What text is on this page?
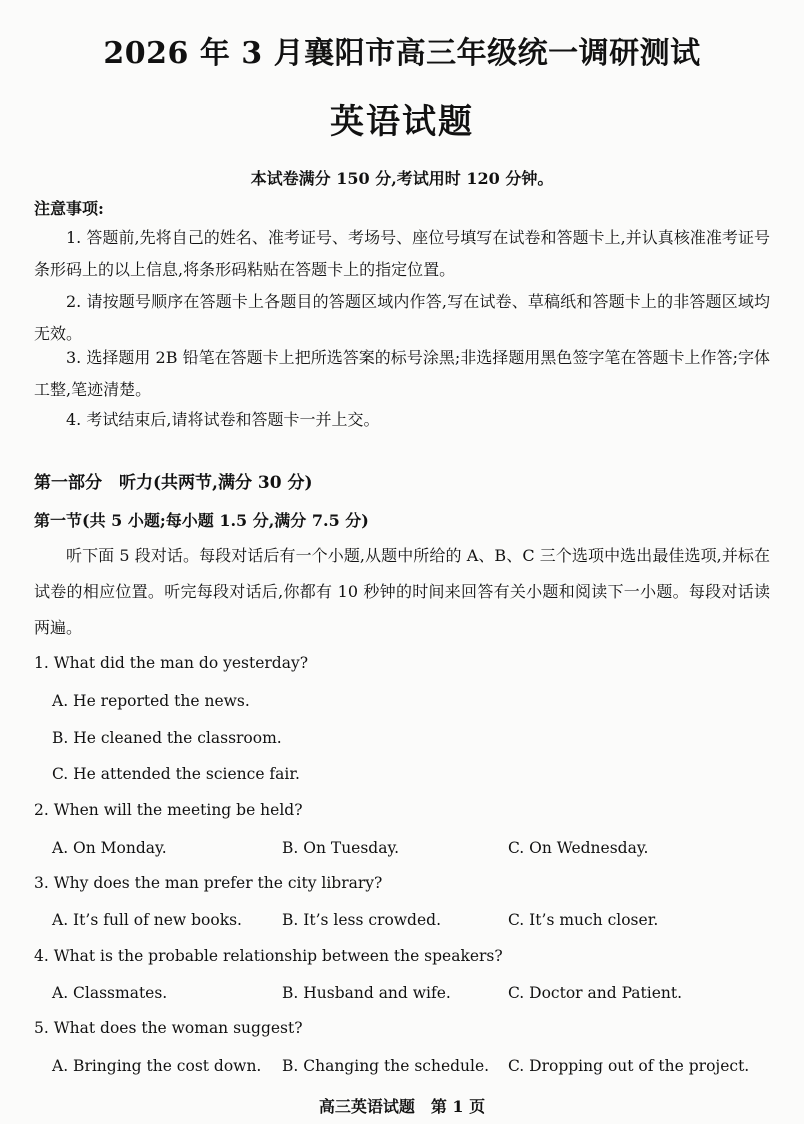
2026 年 3 月襄阳市高三年级统一调研测试
英语试题
本试卷满分 150 分,考试用时 120 分钟。
注意事项:
1. 答题前,先将自己的姓名、准考证号、考场号、座位号填写在试卷和答题卡上,并认真核准准考证号条形码上的以上信息,将条形码粘贴在答题卡上的指定位置。
2. 请按题号顺序在答题卡上各题目的答题区域内作答,写在试卷、草稿纸和答题卡上的非答题区域均无效。
3. 选择题用 2B 铅笔在答题卡上把所选答案的标号涂黑;非选择题用黑色签字笔在答题卡上作答;字体工整,笔迹清楚。
4. 考试结束后,请将试卷和答题卡一并上交。
第一部分　听力(共两节,满分 30 分)
第一节(共 5 小题;每小题 1.5 分,满分 7.5 分)
听下面 5 段对话。每段对话后有一个小题,从题中所给的 A、B、C 三个选项中选出最佳选项,并标在试卷的相应位置。听完每段对话后,你都有 10 秒钟的时间来回答有关小题和阅读下一小题。每段对话读两遍。
1. What did the man do yesterday?
A. He reported the news.
B. He cleaned the classroom.
C. He attended the science fair.
2. When will the meeting be held?
A. On Monday.	B. On Tuesday.	C. On Wednesday.
3. Why does the man prefer the city library?
A. It’s full of new books.	B. It’s less crowded.	C. It’s much closer.
4. What is the probable relationship between the speakers?
A. Classmates.	B. Husband and wife.	C. Doctor and Patient.
5. What does the woman suggest?
A. Bringing the cost down. B. Changing the schedule. C. Dropping out of the project.
高三英语试题　第 1 页
